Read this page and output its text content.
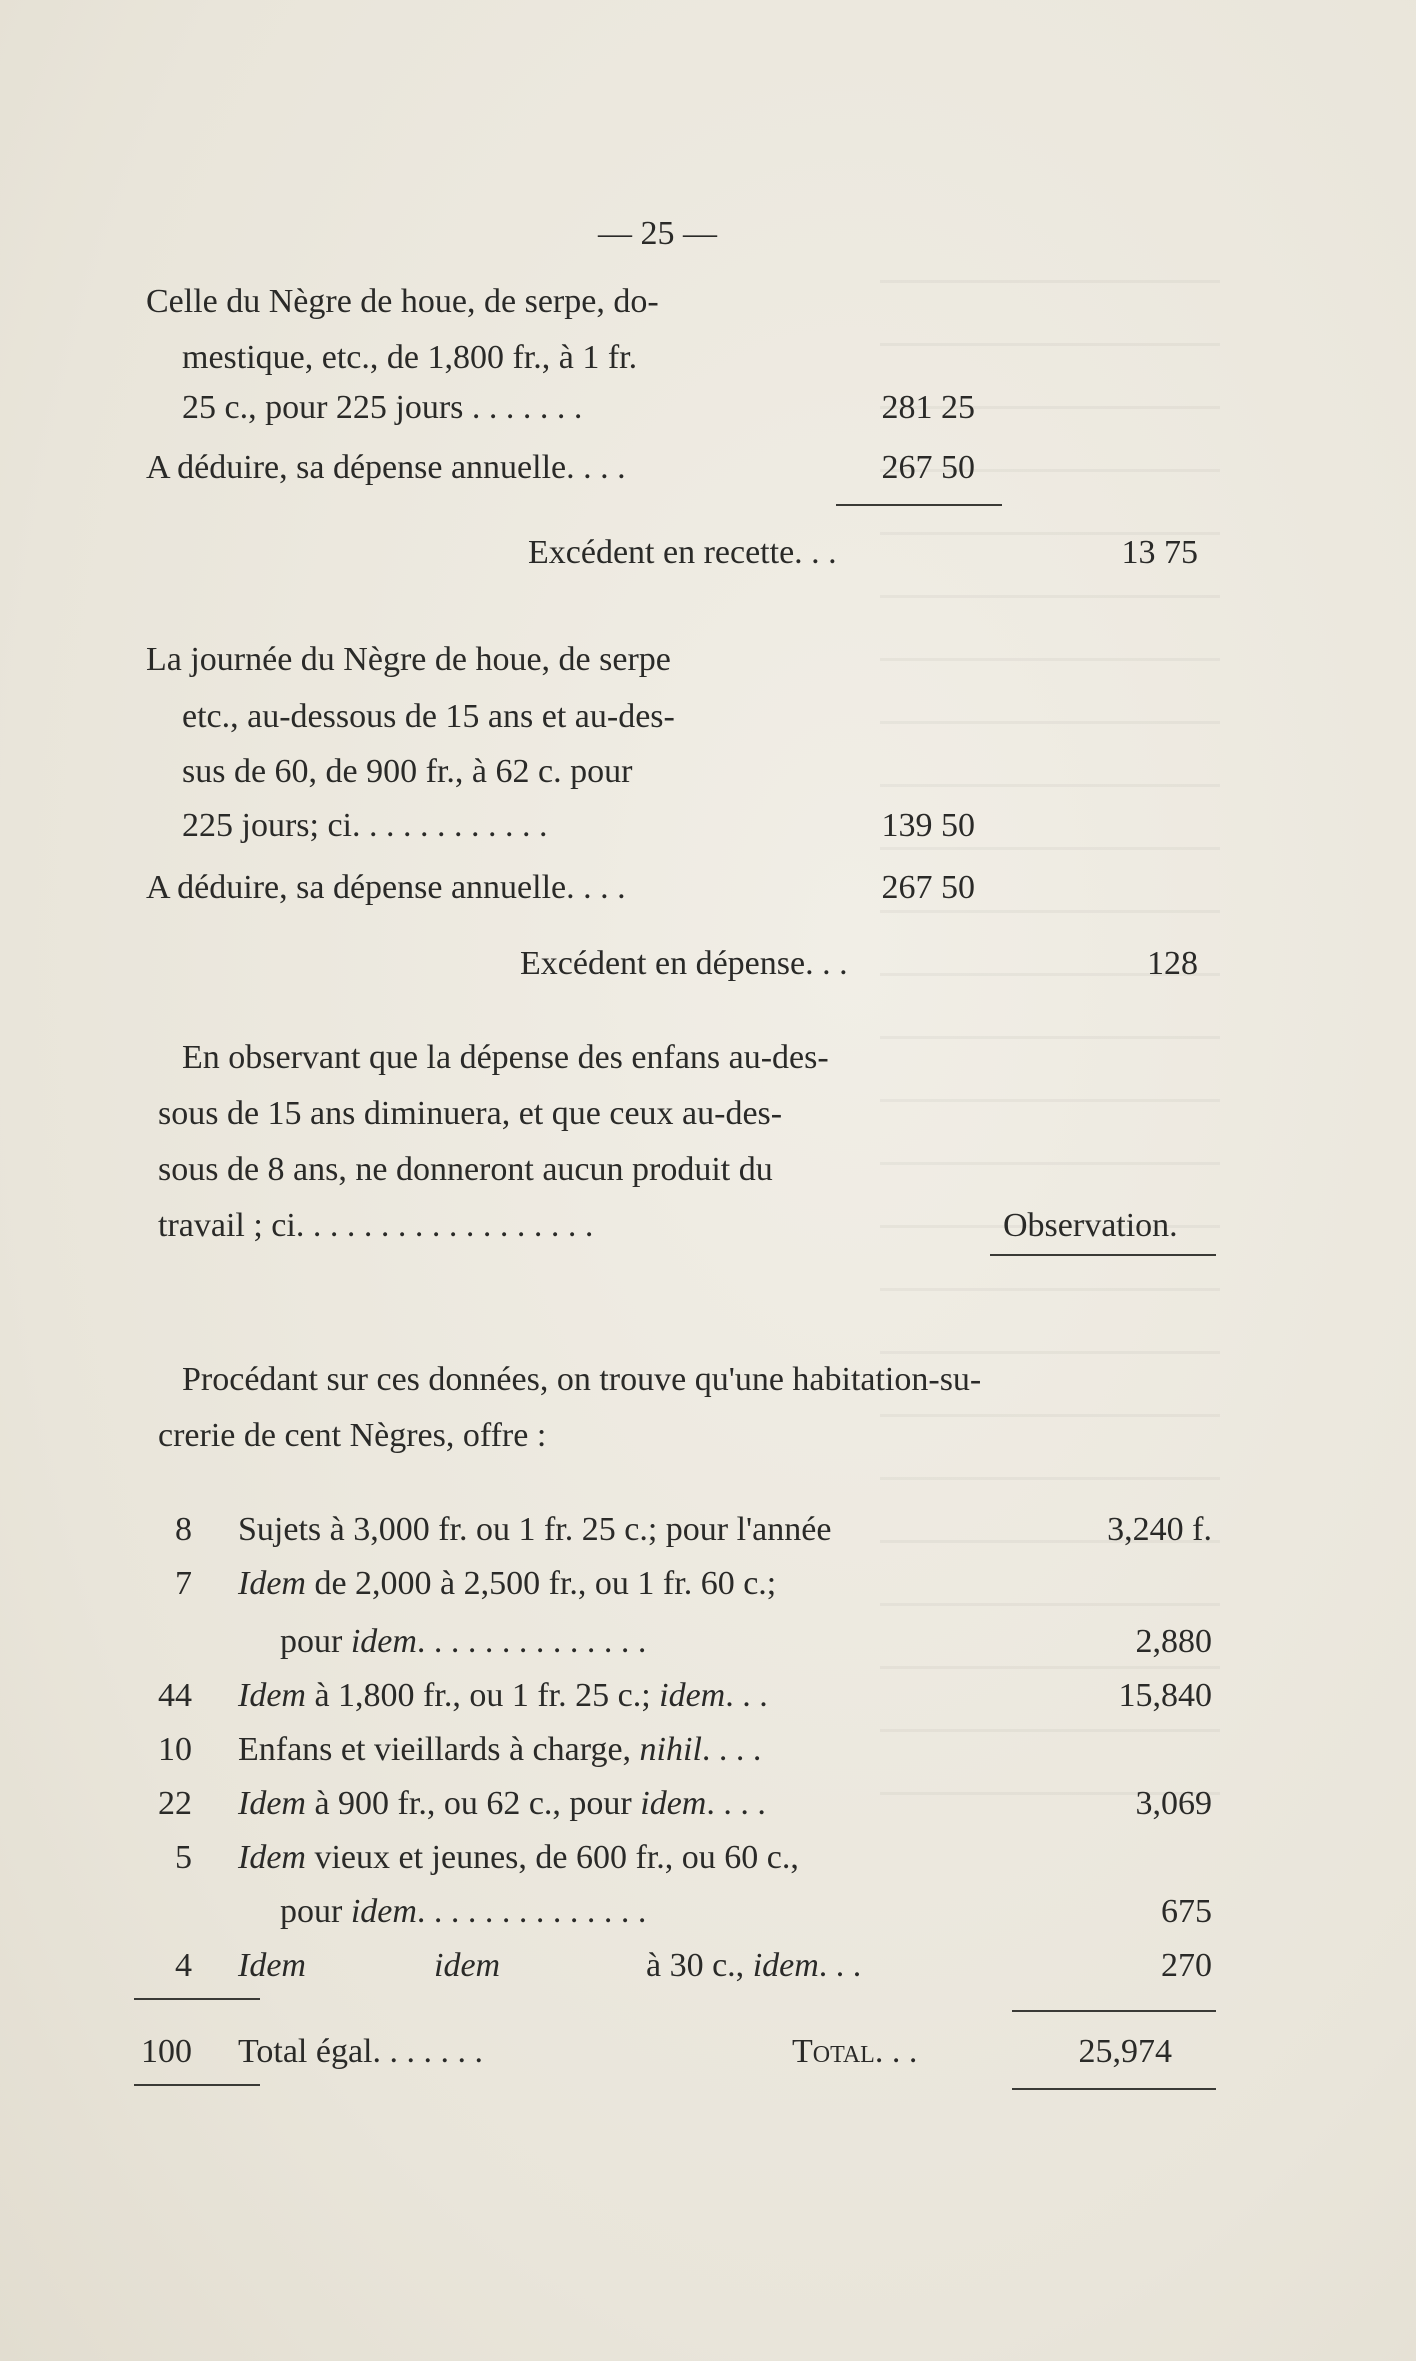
— 25 —
Celle du Nègre de houe, de serpe, do-
mestique, etc., de 1,800 fr., à 1 fr.
25 c., pour 225 jours . . . . . . .	281 25
A déduire, sa dépense annuelle. . . .	267 50
Excédent en recette. . .	13 75
La journée du Nègre de houe, de serpe
etc., au-dessous de 15 ans et au-des-
sus de 60, de 900 fr., à 62 c. pour
225 jours; ci. . . . . . . . . . . .	139 50
A déduire, sa dépense annuelle. . . .	267 50
Excédent en dépense. . .	128
En observant que la dépense des enfans au-des-
sous de 15 ans diminuera, et que ceux au-des-
sous de 8 ans, ne donneront aucun produit du
travail ; ci. . . . . . . . . . . . . . . . . .	Observation.
Procédant sur ces données, on trouve qu'une habitation-su-
crerie de cent Nègres, offre :
8 Sujets à 3,000 fr. ou 1 fr. 25 c.; pour l'année	3,240 f.
7 Idem de 2,000 à 2,500 fr., ou 1 fr. 60 c.;
pour idem. . . . . . . . . . . . . .	2,880
44 Idem à 1,800 fr., ou 1 fr. 25 c.; idem. . .	15,840
10 Enfans et vieillards à charge, nihil. . . .
22 Idem à 900 fr., ou 62 c., pour idem. . . .	3,069
5 Idem vieux et jeunes, de 600 fr., ou 60 c.,
pour idem. . . . . . . . . . . . . .	675
4 Idem	idem	à 30 c., idem. . .	270
100 Total égal. . . . . . .	Total. . .	25,974
